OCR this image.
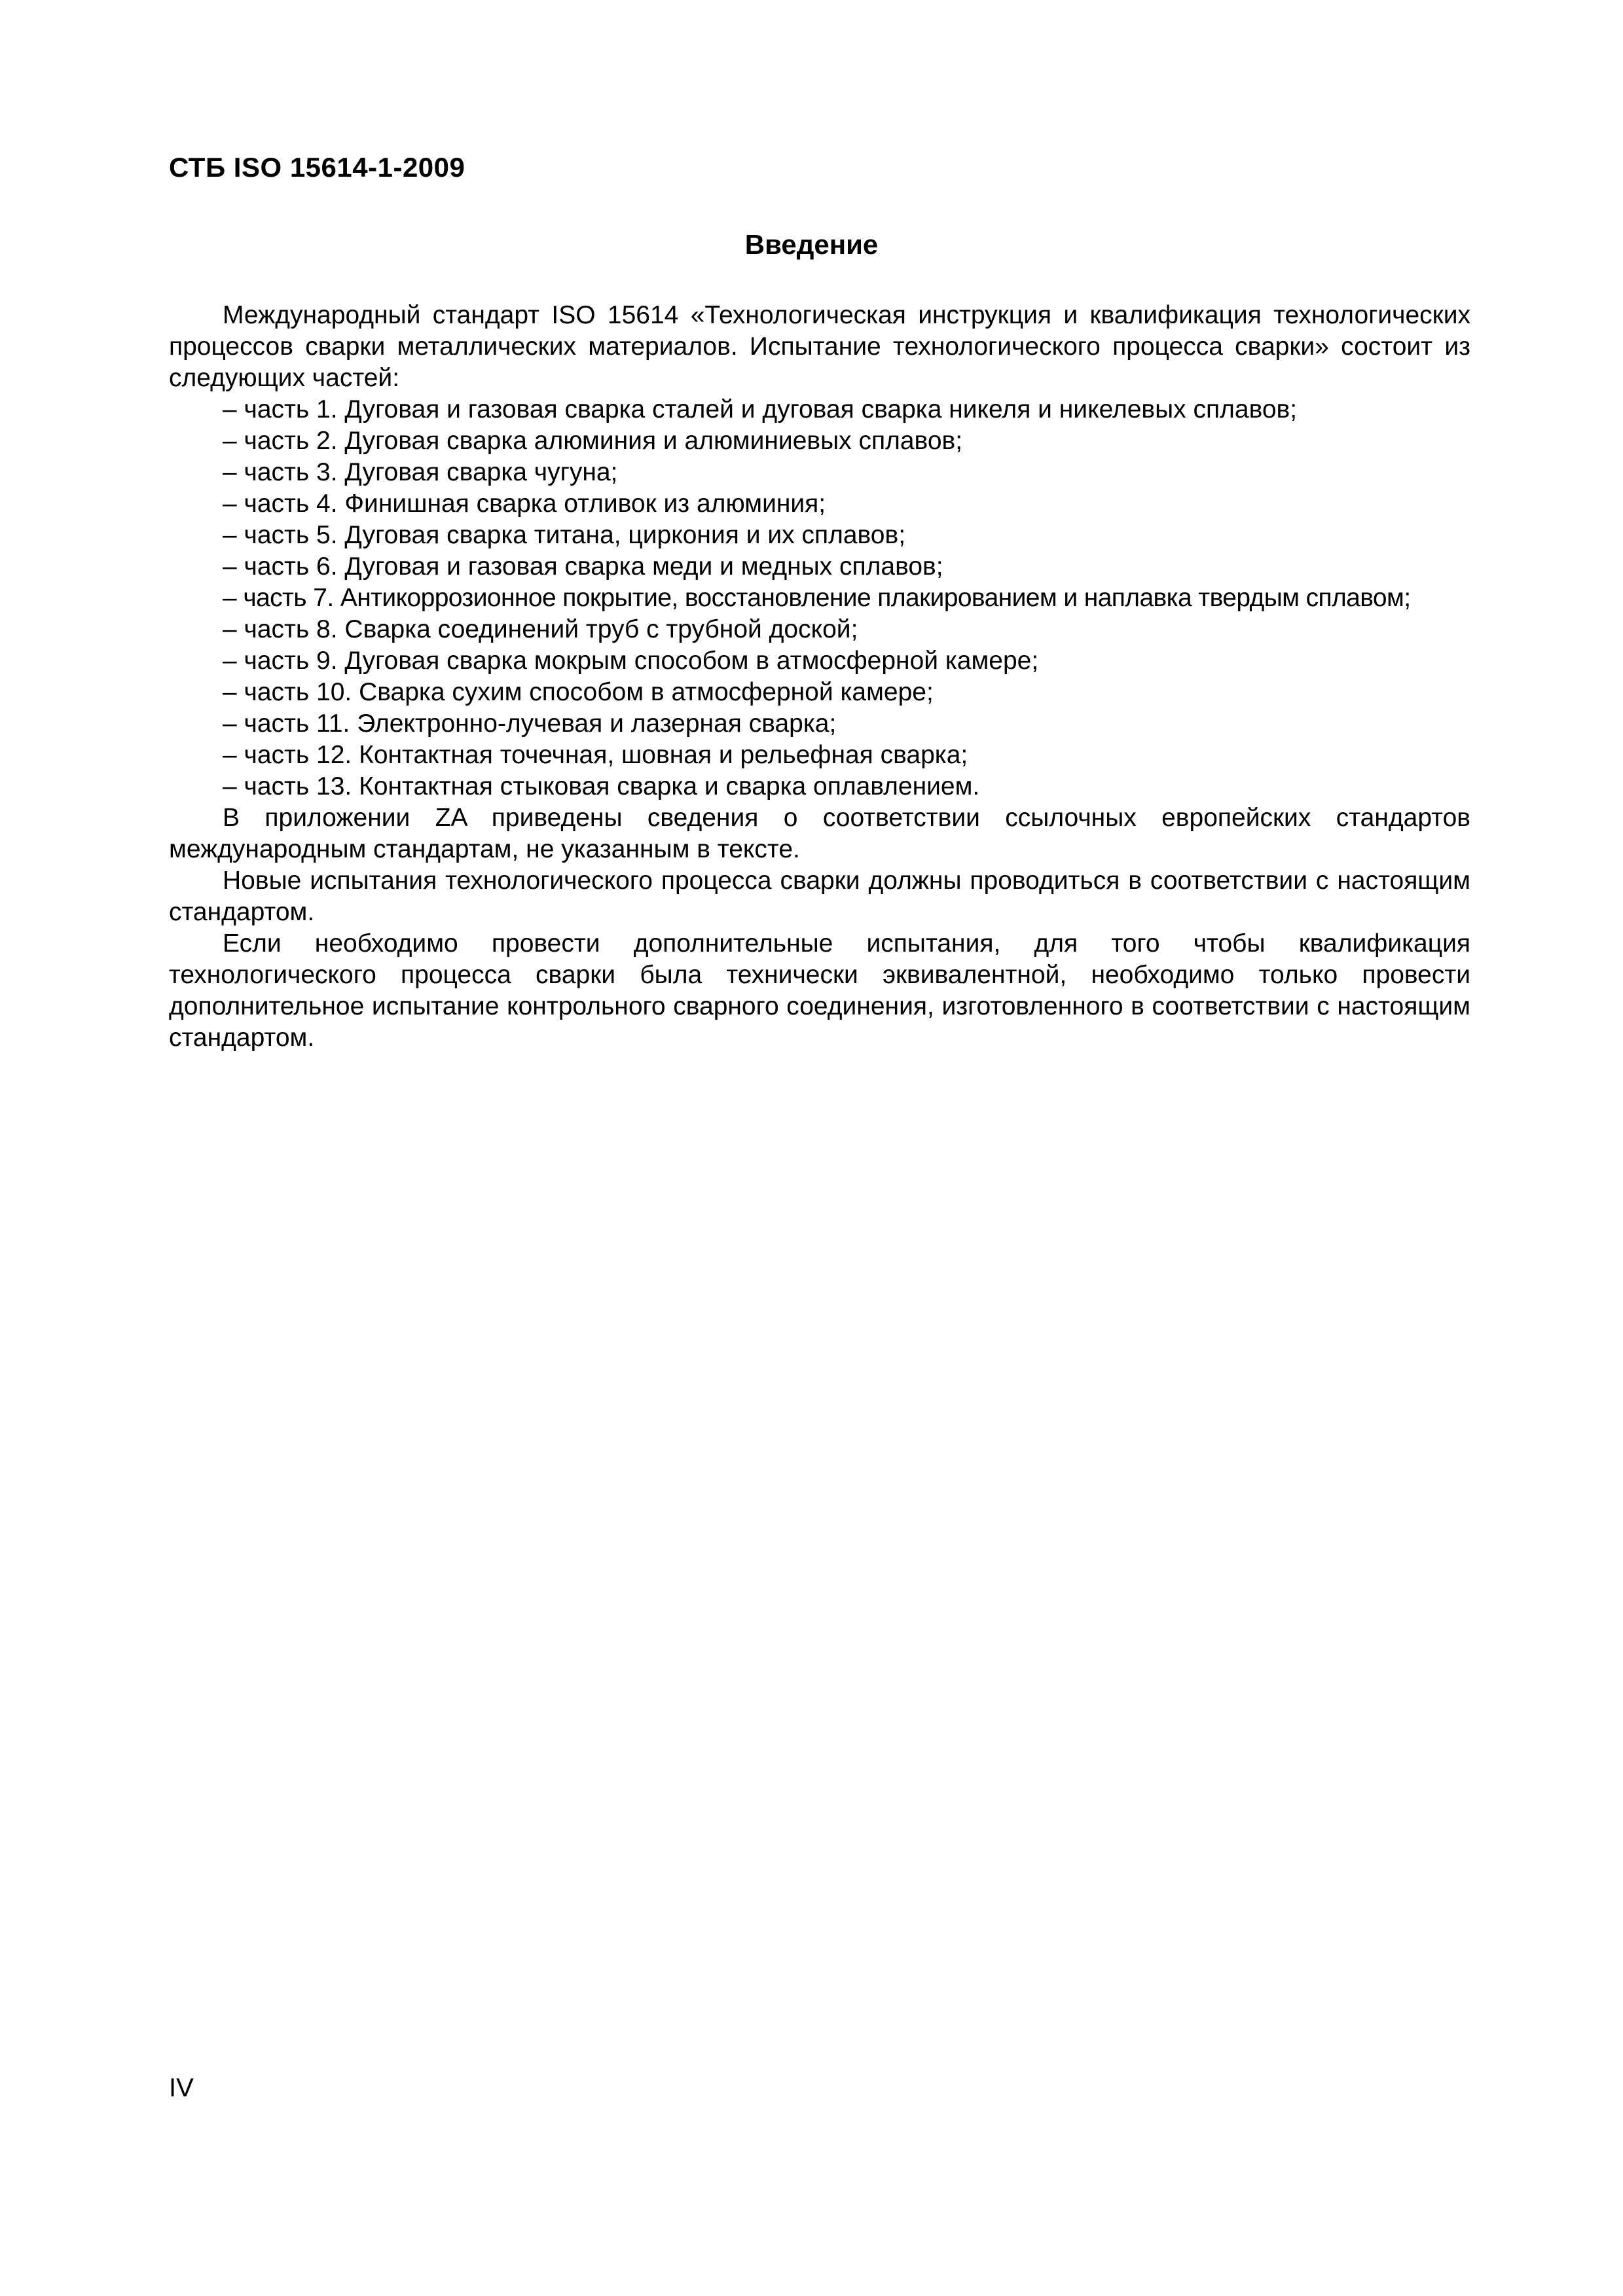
СТБ ISO 15614-1-2009
Введение

Международный стандарт ISO 15614 «Технологическая инструкция и квалификация технологических процессов сварки металлических материалов. Испытание технологического процесса сварки» состоит из следующих частей:

– часть 1. Дуговая и газовая сварка сталей и дуговая сварка никеля и никелевых сплавов;
– часть 2. Дуговая сварка алюминия и алюминиевых сплавов;
– часть 3. Дуговая сварка чугуна;
– часть 4. Финишная сварка отливок из алюминия;
– часть 5. Дуговая сварка титана, циркония и их сплавов;
– часть 6. Дуговая и газовая сварка меди и медных сплавов;
– часть 7. Антикоррозионное покрытие, восстановление плакированием и наплавка твердым сплавом;
– часть 8. Сварка соединений труб с трубной доской;
– часть 9. Дуговая сварка мокрым способом в атмосферной камере;
– часть 10. Сварка сухим способом в атмосферной камере;
– часть 11. Электронно-лучевая и лазерная сварка;
– часть 12. Контактная точечная, шовная и рельефная сварка;
– часть 13. Контактная стыковая сварка и сварка оплавлением.

В приложении ZA приведены сведения о соответствии ссылочных европейских стандартов международным стандартам, не указанным в тексте.

Новые испытания технологического процесса сварки должны проводиться в соответствии с настоящим стандартом.

Если необходимо провести дополнительные испытания, для того чтобы квалификация технологического процесса сварки была технически эквивалентной, необходимо только провести дополнительное испытание контрольного сварного соединения, изготовленного в соответствии с настоящим стандартом.

IV
